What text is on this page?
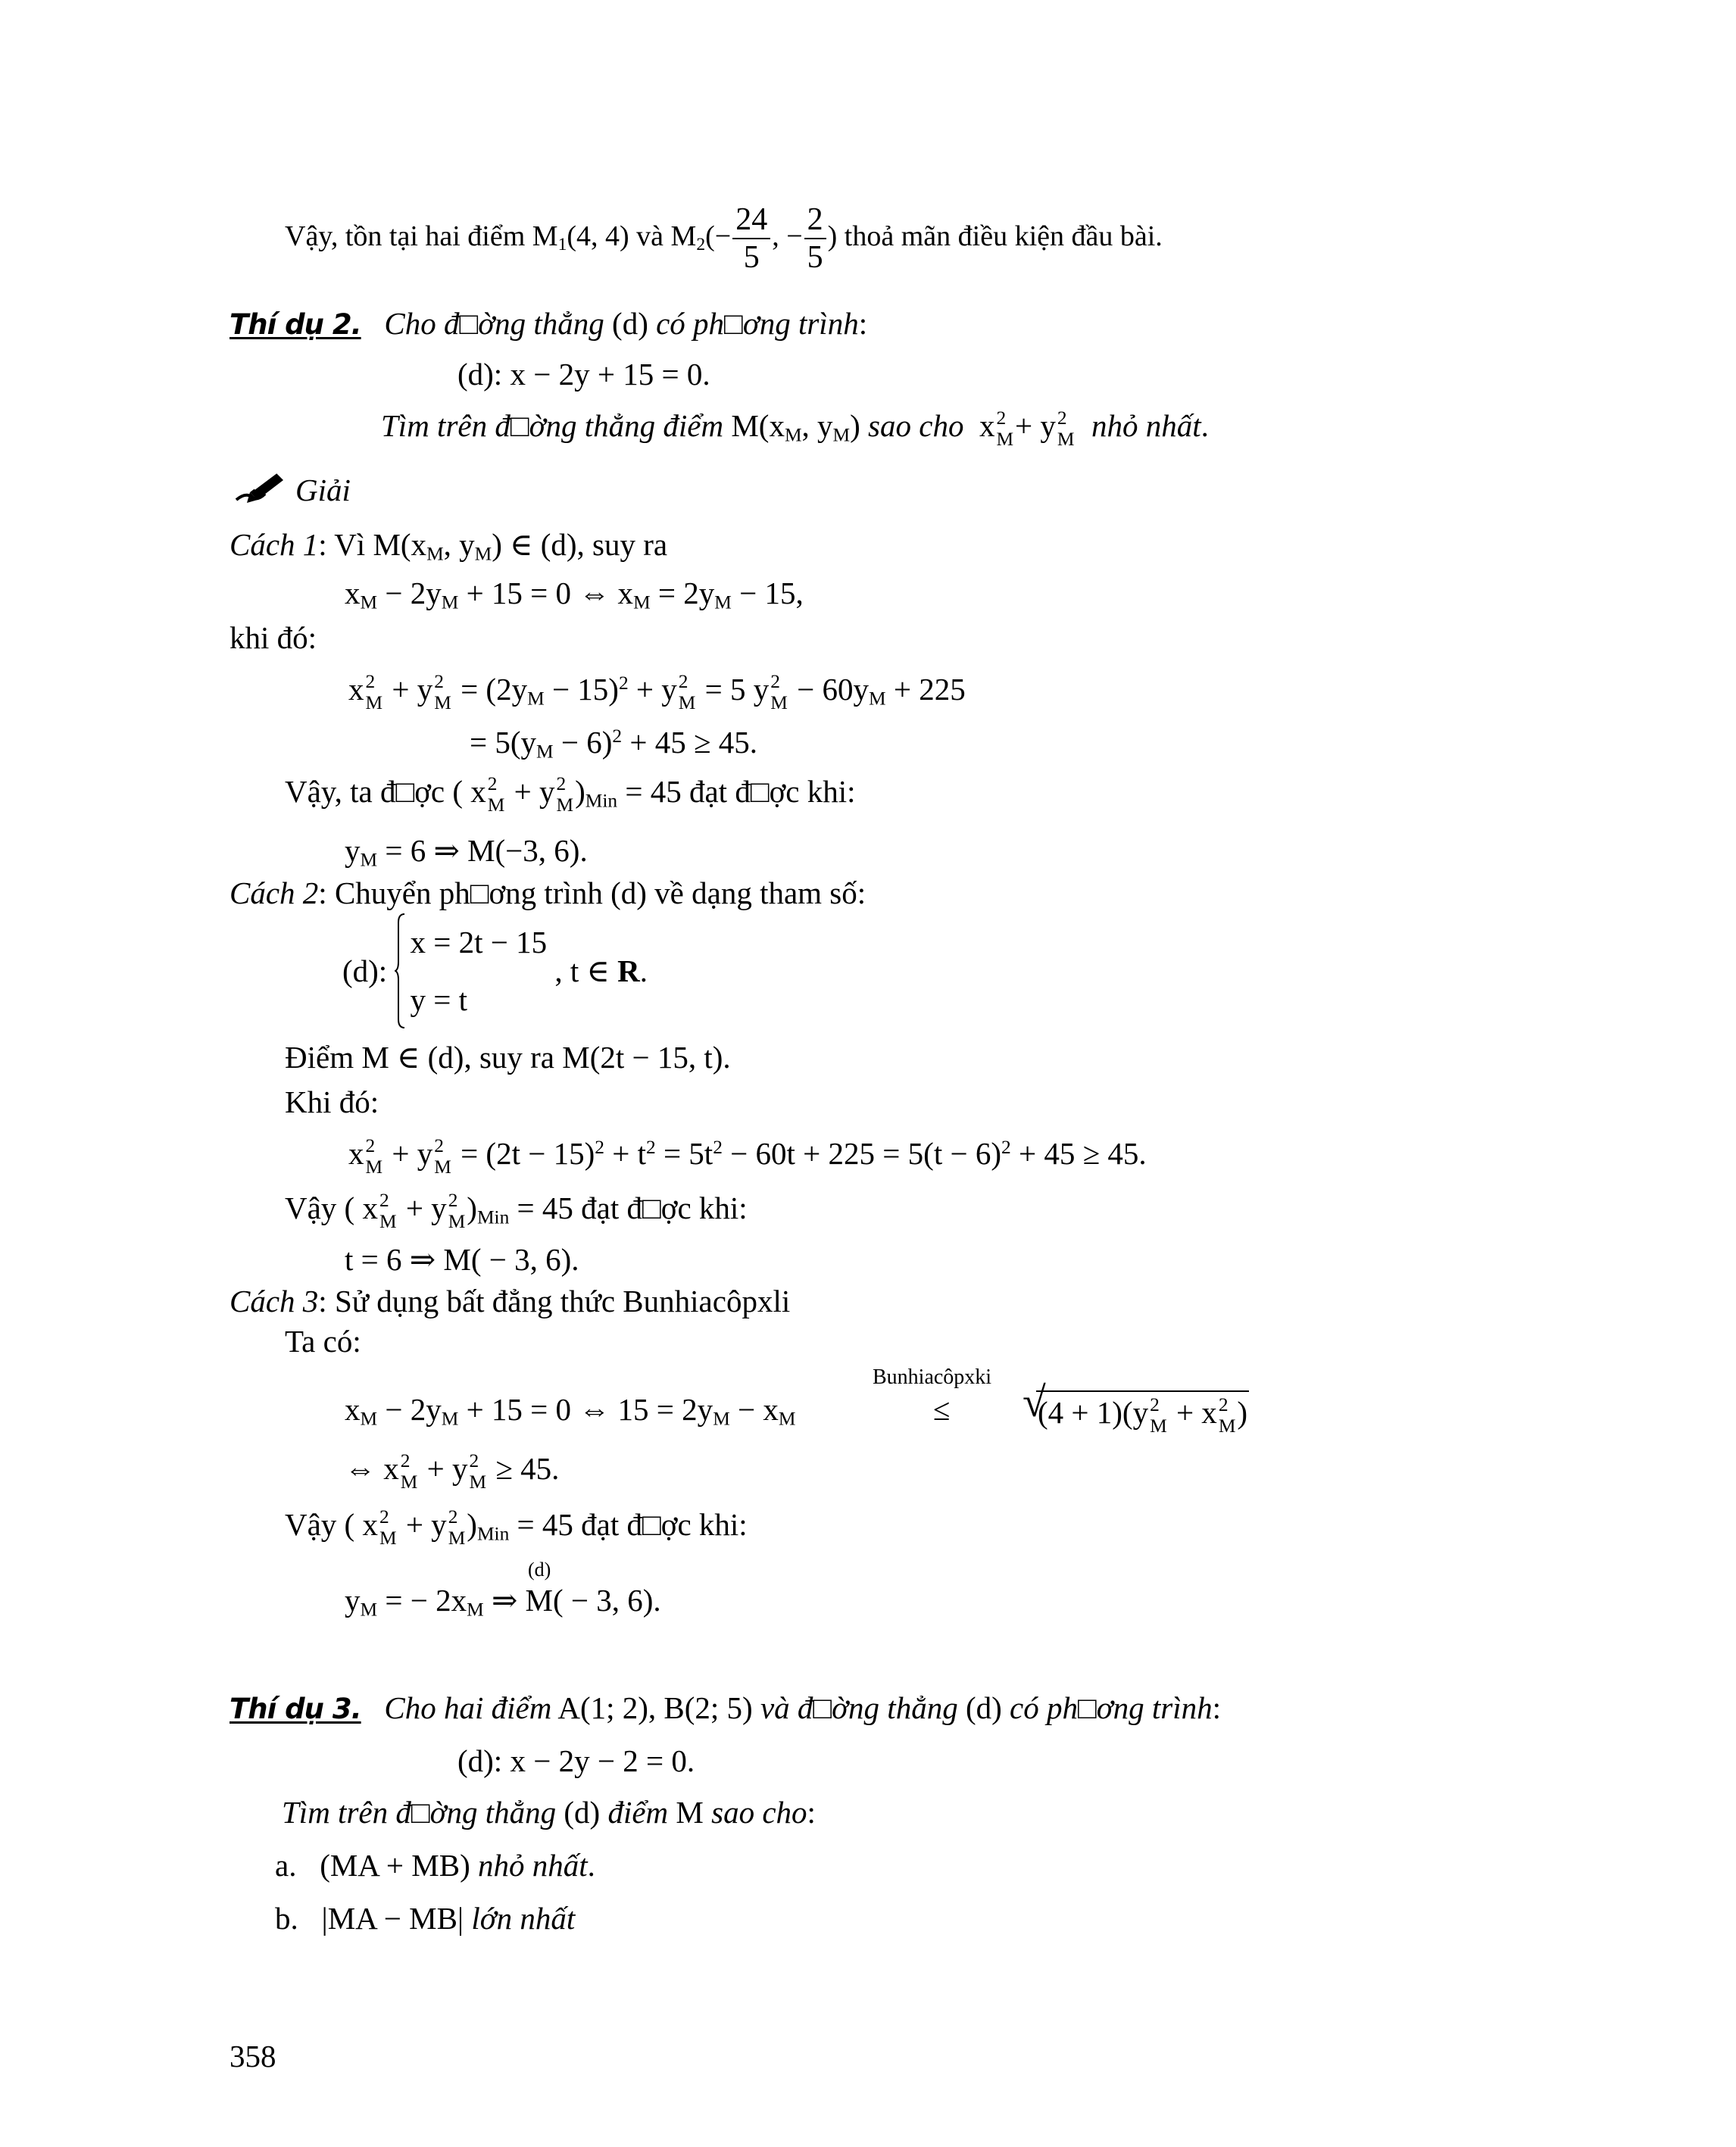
Vậy, tồn tại hai điểm $M_1(4$, 4) và $M_2(- \frac{24}{5}$ , − $\frac{2}{5}$ ) thoả mãn điều kiện đầu bài.
Thí dụ 2. Cho đ□ờng thẳng (d) có ph□ơng trình:
(d): x − 2y + 15 = 0.
Tìm trên đ□ờng thẳng điểm $M(x_M$, $y_M$) sao cho x 2
M + y 2
M nhỏ nhất.
Giải
Cách 1: Vì $M(x_M$, $y_M$) ∈ (d), suy ra
$x_M - 2y_M + 15 = 0$ ⇔ $x_M = 2y_M - 15$,
khi đó:
x 2
M + y 2
$M = (2y_M - 15)^2 + y$ 2
M = 5 y 2
$M - 60y_M + 225$
= $5(y_M - 6)^2 + 45 \ge 45$.
Vậy, ta đ□ợc ( x 2
M + y 2
M )$_{Min} = 45$ đạt đ□ợc khi:
$y_M = 6$ ⇒ M(−3, 6).
Cách 2: Chuyển ph□ơng trình (d) về dạng tham số:
(d):
x = 2t − 15
y = t
, t ∈ R.
Điểm M ∈ (d), suy ra M(2t − 15, t).
Khi đó:
x 2
M + y 2
$M = (2t - 15)^2 + t^2 = 5t^2 - 60t + 225 = 5(t - 6)^2 + 45 \ge 45$.
Vậy ( x 2
M + y 2
M )$_{Min} = 45$ đạt đ□ợc khi:
t = 6 ⇒ M( − 3, 6).
Cách 3: Sử dụng bất đẳng thức Bunhiacôpxli
Ta có:
$x_M - 2y_M + 15 = 0$ ⇔ $15 = 2y_M - x_M$
Bunhiacôpxki
≤ √
(4 + 1)(y 2
M + x 2
M )
⇔ x 2
M + y 2
M ≥ 45.
Vậy ( x 2
M + y 2
M )$_{Min} = 45$ đạt đ□ợc khi:
(d)
$y_M$ = − $2x_M$ ⇒ M( − 3, 6).
Thí dụ 3. Cho hai điểm A(1; 2), B(2; 5) và đ□ờng thẳng (d) có ph□ơng trình:
(d): x − 2y − 2 = 0.
Tìm trên đ□ờng thẳng (d) điểm M sao cho:
a. (MA + MB) nhỏ nhất.
b. |MA − MB| lớn nhất
358
